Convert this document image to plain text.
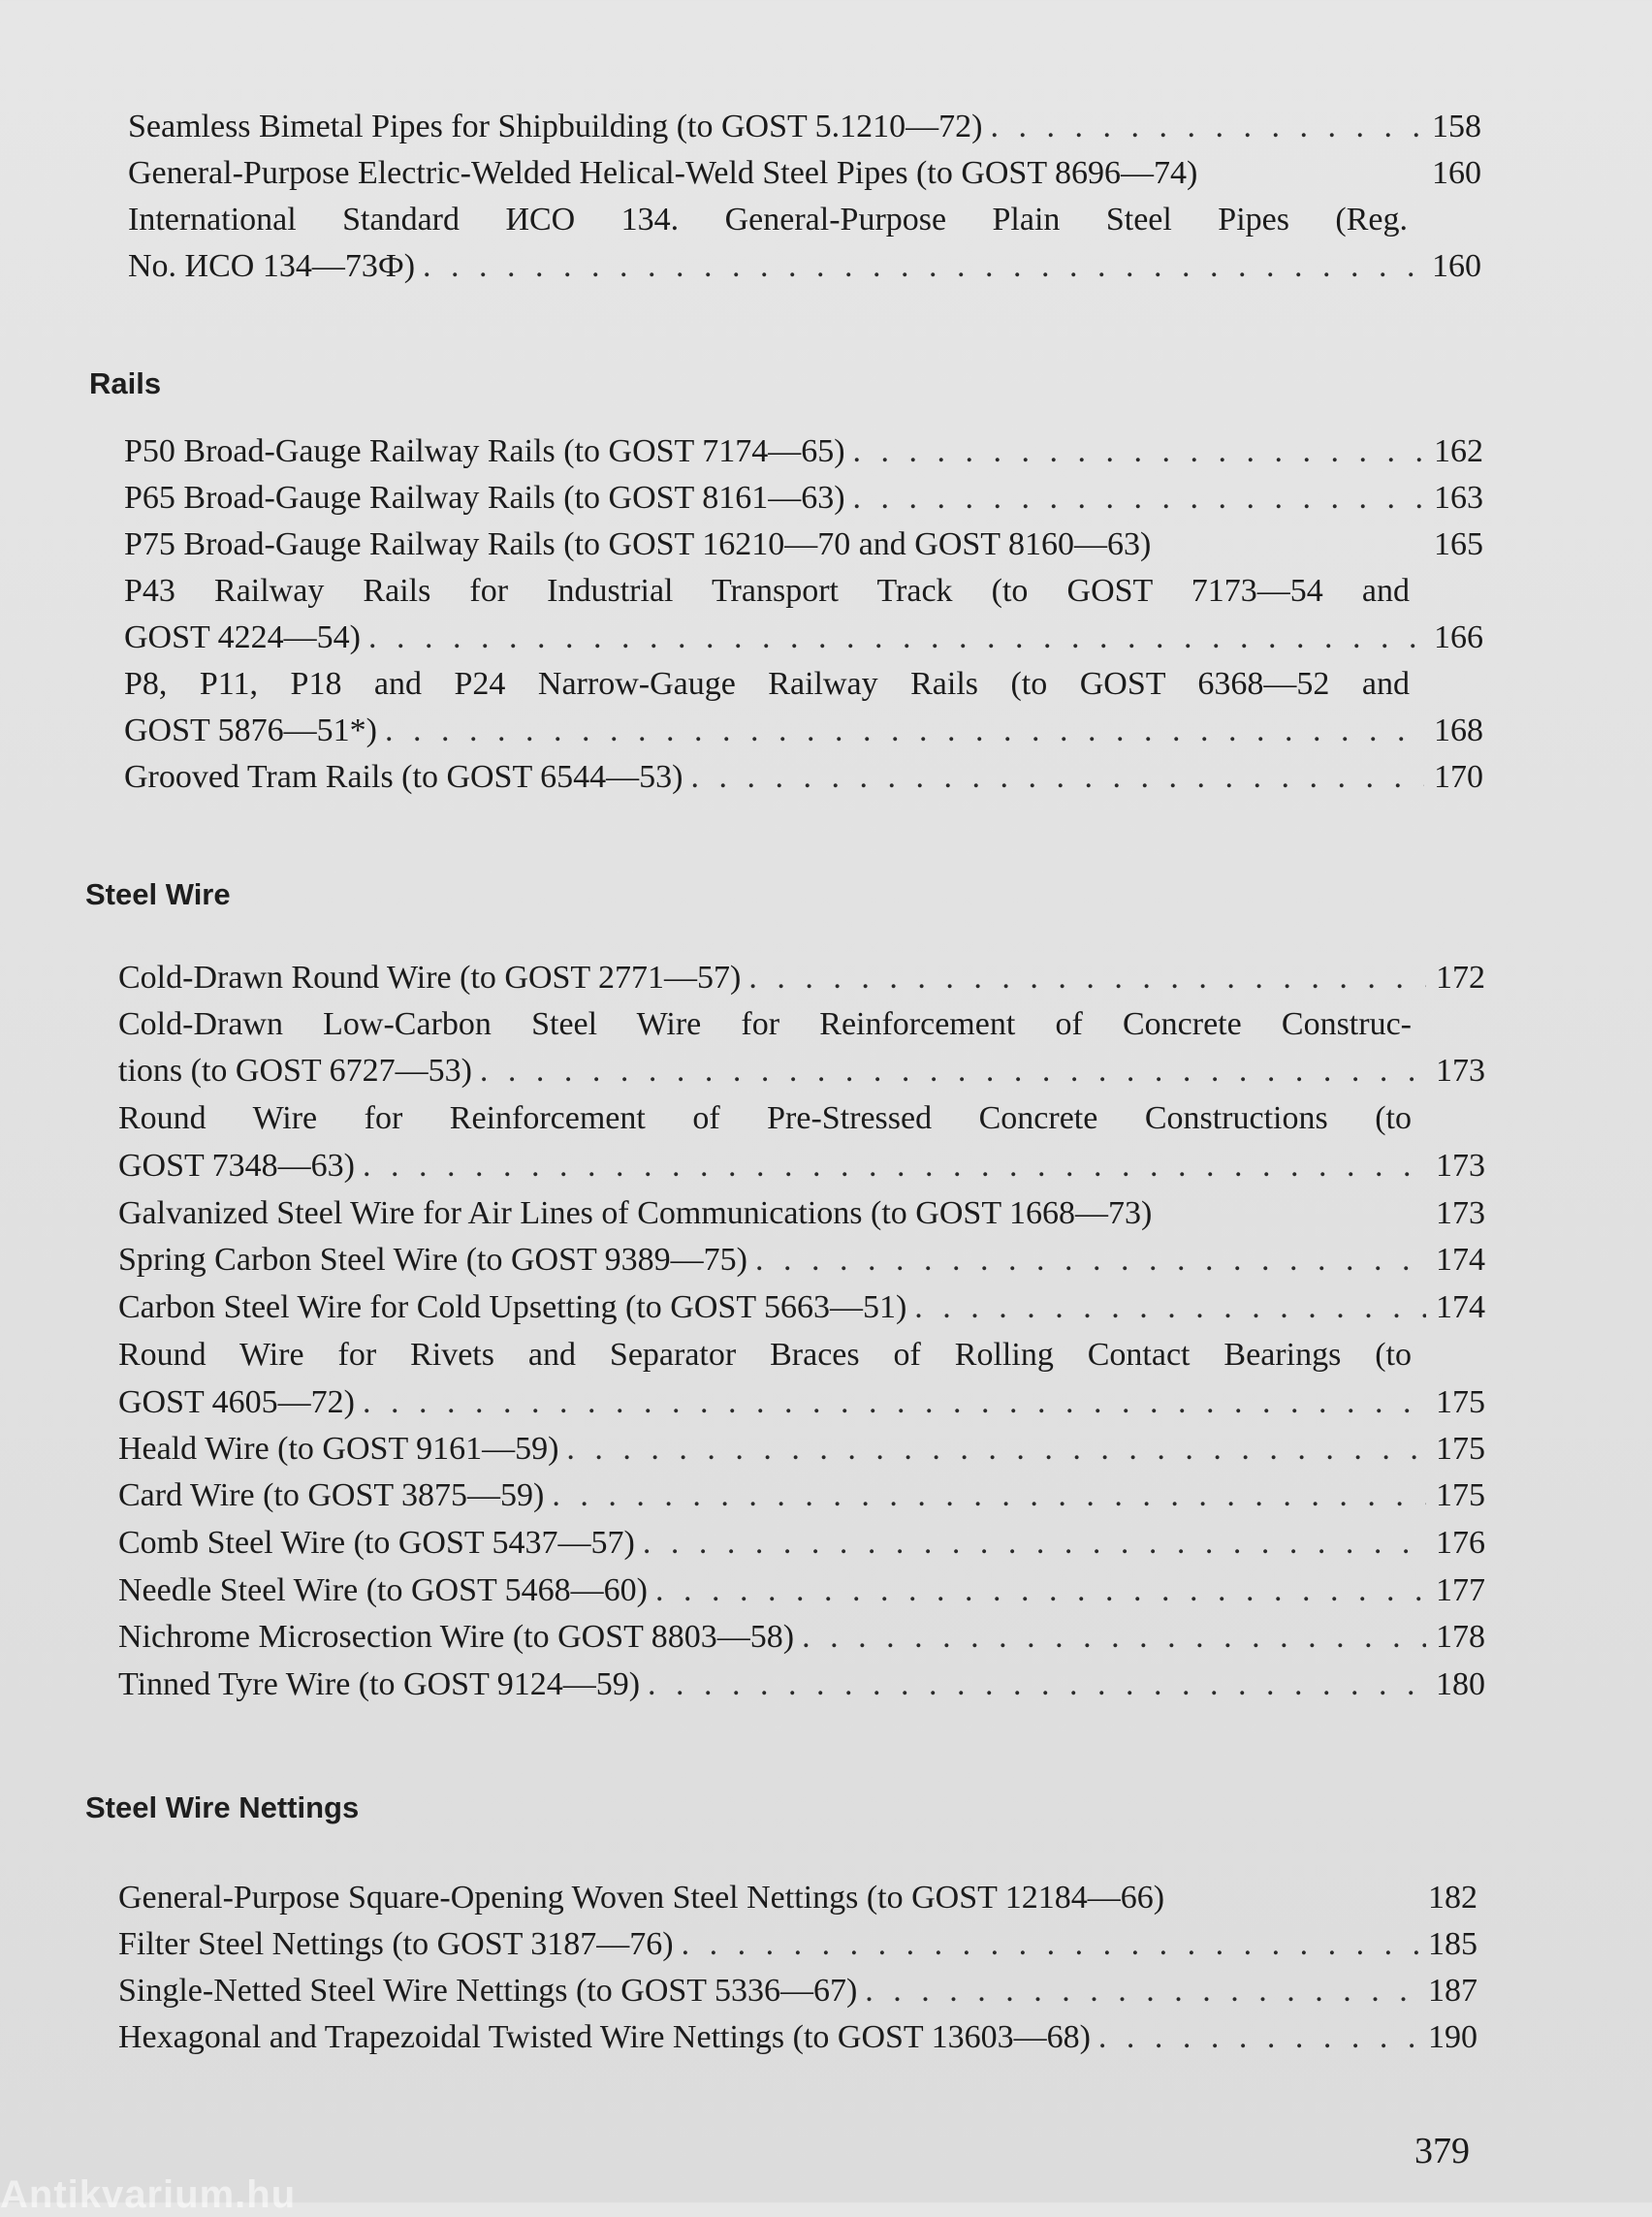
Seamless Bimetal Pipes for Shipbuilding (to GOST 5.1210—72) . . .	158
General-Purpose Electric-Welded Helical-Weld Steel Pipes (to GOST 8696—74)	160
International Standard ИСО 134. General-Purpose Plain Steel Pipes (Reg.
No. ИСО 134—73Ф) . . .	160
Rails
P50 Broad-Gauge Railway Rails (to GOST 7174—65) . . .	162
P65 Broad-Gauge Railway Rails (to GOST 8161—63) . . .	163
P75 Broad-Gauge Railway Rails (to GOST 16210—70 and GOST 8160—63)	165
P43 Railway Rails for Industrial Transport Track (to GOST 7173—54 and
GOST 4224—54) . . .	166
P8, P11, P18 and P24 Narrow-Gauge Railway Rails (to GOST 6368—52 and
GOST 5876—51*) . . .	168
Grooved Tram Rails (to GOST 6544—53) . . .	170
Steel Wire
Cold-Drawn Round Wire (to GOST 2771—57) . . .	172
Cold-Drawn Low-Carbon Steel Wire for Reinforcement of Concrete Construc-
tions (to GOST 6727—53) . . .	173
Round Wire for Reinforcement of Pre-Stressed Concrete Constructions (to
GOST 7348—63) . . .	173
Galvanized Steel Wire for Air Lines of Communications (to GOST 1668—73)	173
Spring Carbon Steel Wire (to GOST 9389—75) . . .	174
Carbon Steel Wire for Cold Upsetting (to GOST 5663—51) . . .	174
Round Wire for Rivets and Separator Braces of Rolling Contact Bearings (to
GOST 4605—72) . . .	175
Heald Wire (to GOST 9161—59) . . .	175
Card Wire (to GOST 3875—59) . . .	175
Comb Steel Wire (to GOST 5437—57) . . .	176
Needle Steel Wire (to GOST 5468—60) . . .	177
Nichrome Microsection Wire (to GOST 8803—58) . . .	178
Tinned Tyre Wire (to GOST 9124—59) . . .	180
Steel Wire Nettings
General-Purpose Square-Opening Woven Steel Nettings (to GOST 12184—66)	182
Filter Steel Nettings (to GOST 3187—76) . . .	185
Single-Netted Steel Wire Nettings (to GOST 5336—67) . . .	187
Hexagonal and Trapezoidal Twisted Wire Nettings (to GOST 13603—68) . . .	190
379
Antikvarium.hu
